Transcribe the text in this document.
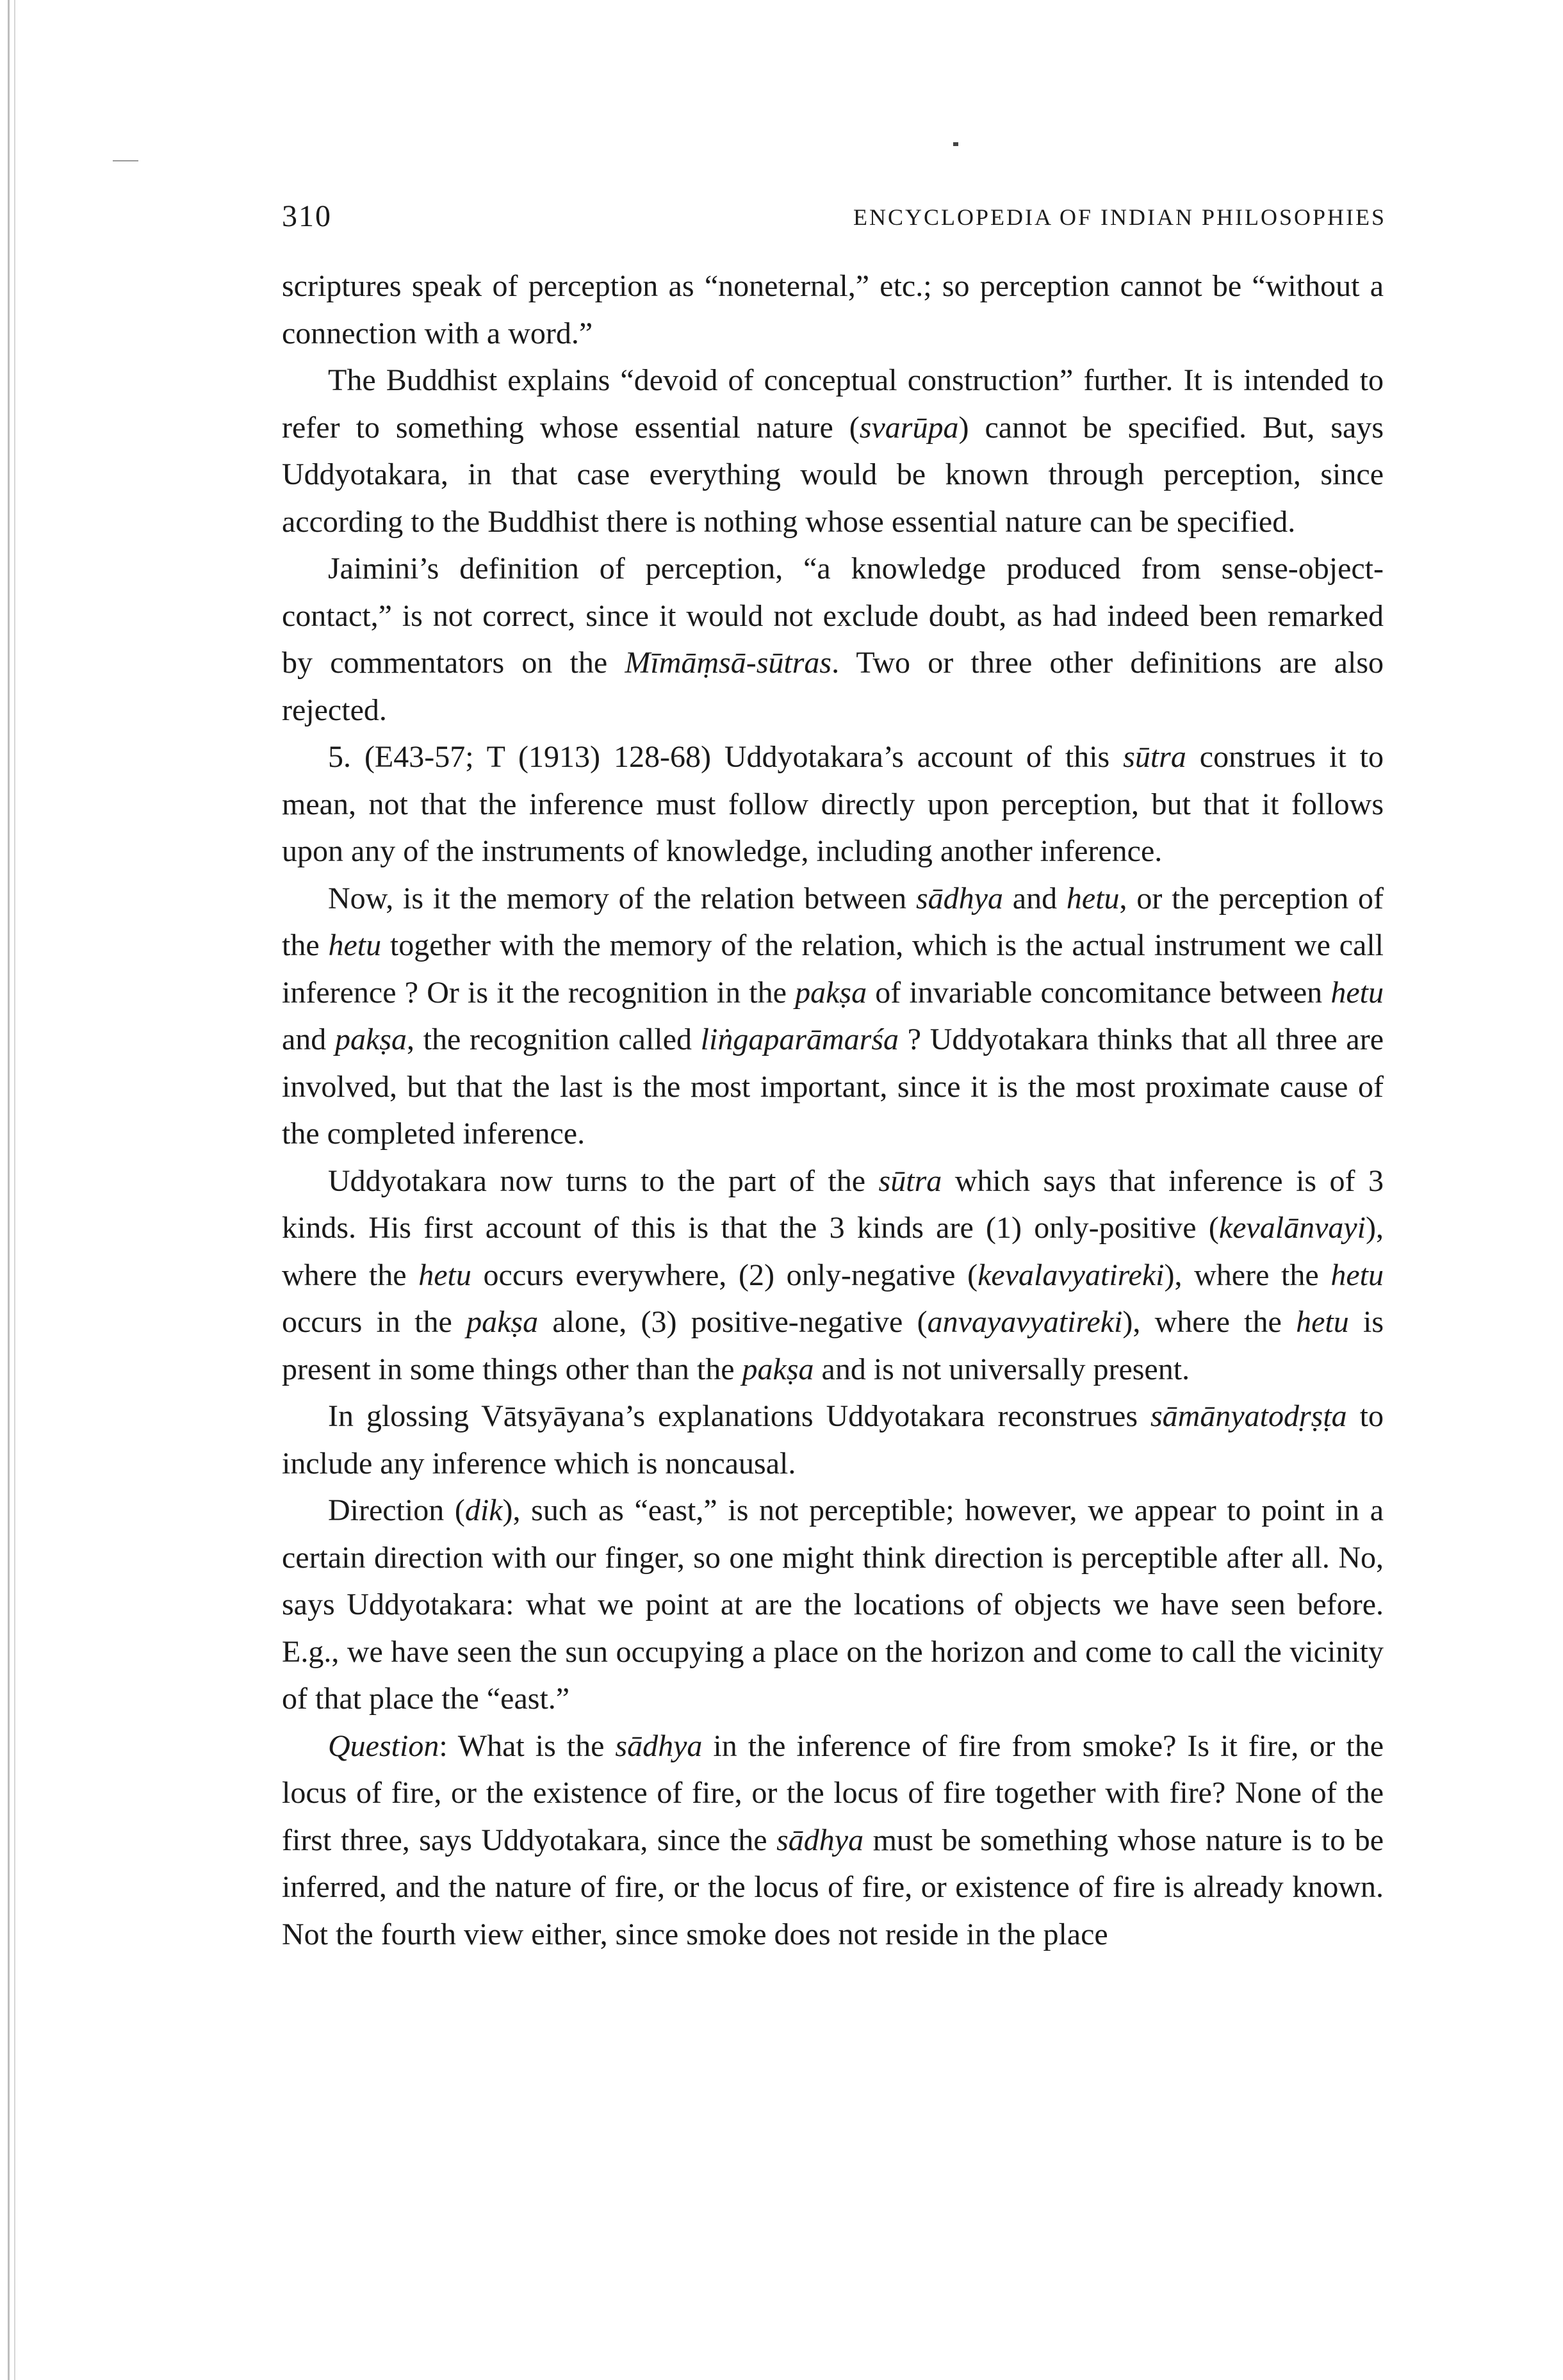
310	ENCYCLOPEDIA OF INDIAN PHILOSOPHIES

scriptures speak of perception as “noneternal,” etc.; so perception cannot be “without a connection with a word.”

The Buddhist explains “devoid of conceptual construction” further. It is intended to refer to something whose essential nature (svarūpa) cannot be specified. But, says Uddyotakara, in that case everything would be known through perception, since according to the Buddhist there is nothing whose essential nature can be specified.

Jaimini’s definition of perception, “a knowledge produced from sense-object-contact,” is not correct, since it would not exclude doubt, as had indeed been remarked by commentators on the Mīmāṃsā-sūtras. Two or three other definitions are also rejected.

5. (E43-57; T (1913) 128-68) Uddyotakara’s account of this sūtra construes it to mean, not that the inference must follow directly upon perception, but that it follows upon any of the instruments of knowledge, including another inference.

Now, is it the memory of the relation between sādhya and hetu, or the perception of the hetu together with the memory of the relation, which is the actual instrument we call inference ? Or is it the recognition in the pakṣa of invariable concomitance between hetu and pakṣa, the recognition called liṅgaparāmarśa ? Uddyotakara thinks that all three are involved, but that the last is the most important, since it is the most proximate cause of the completed inference.

Uddyotakara now turns to the part of the sūtra which says that inference is of 3 kinds. His first account of this is that the 3 kinds are (1) only-positive (kevalānvayi), where the hetu occurs everywhere, (2) only-negative (kevalavyatireki), where the hetu occurs in the pakṣa alone, (3) positive-negative (anvayavyatireki), where the hetu is present in some things other than the pakṣa and is not universally present.

In glossing Vātsyāyana’s explanations Uddyotakara reconstrues sāmānyatodṛṣṭa to include any inference which is noncausal.

Direction (dik), such as “east,” is not perceptible; however, we appear to point in a certain direction with our finger, so one might think direction is perceptible after all. No, says Uddyotakara: what we point at are the locations of objects we have seen before. E.g., we have seen the sun occupying a place on the horizon and come to call the vicinity of that place the “east.”

Question: What is the sādhya in the inference of fire from smoke? Is it fire, or the locus of fire, or the existence of fire, or the locus of fire together with fire? None of the first three, says Uddyotakara, since the sādhya must be something whose nature is to be inferred, and the nature of fire, or the locus of fire, or existence of fire is already known. Not the fourth view either, since smoke does not reside in the place
